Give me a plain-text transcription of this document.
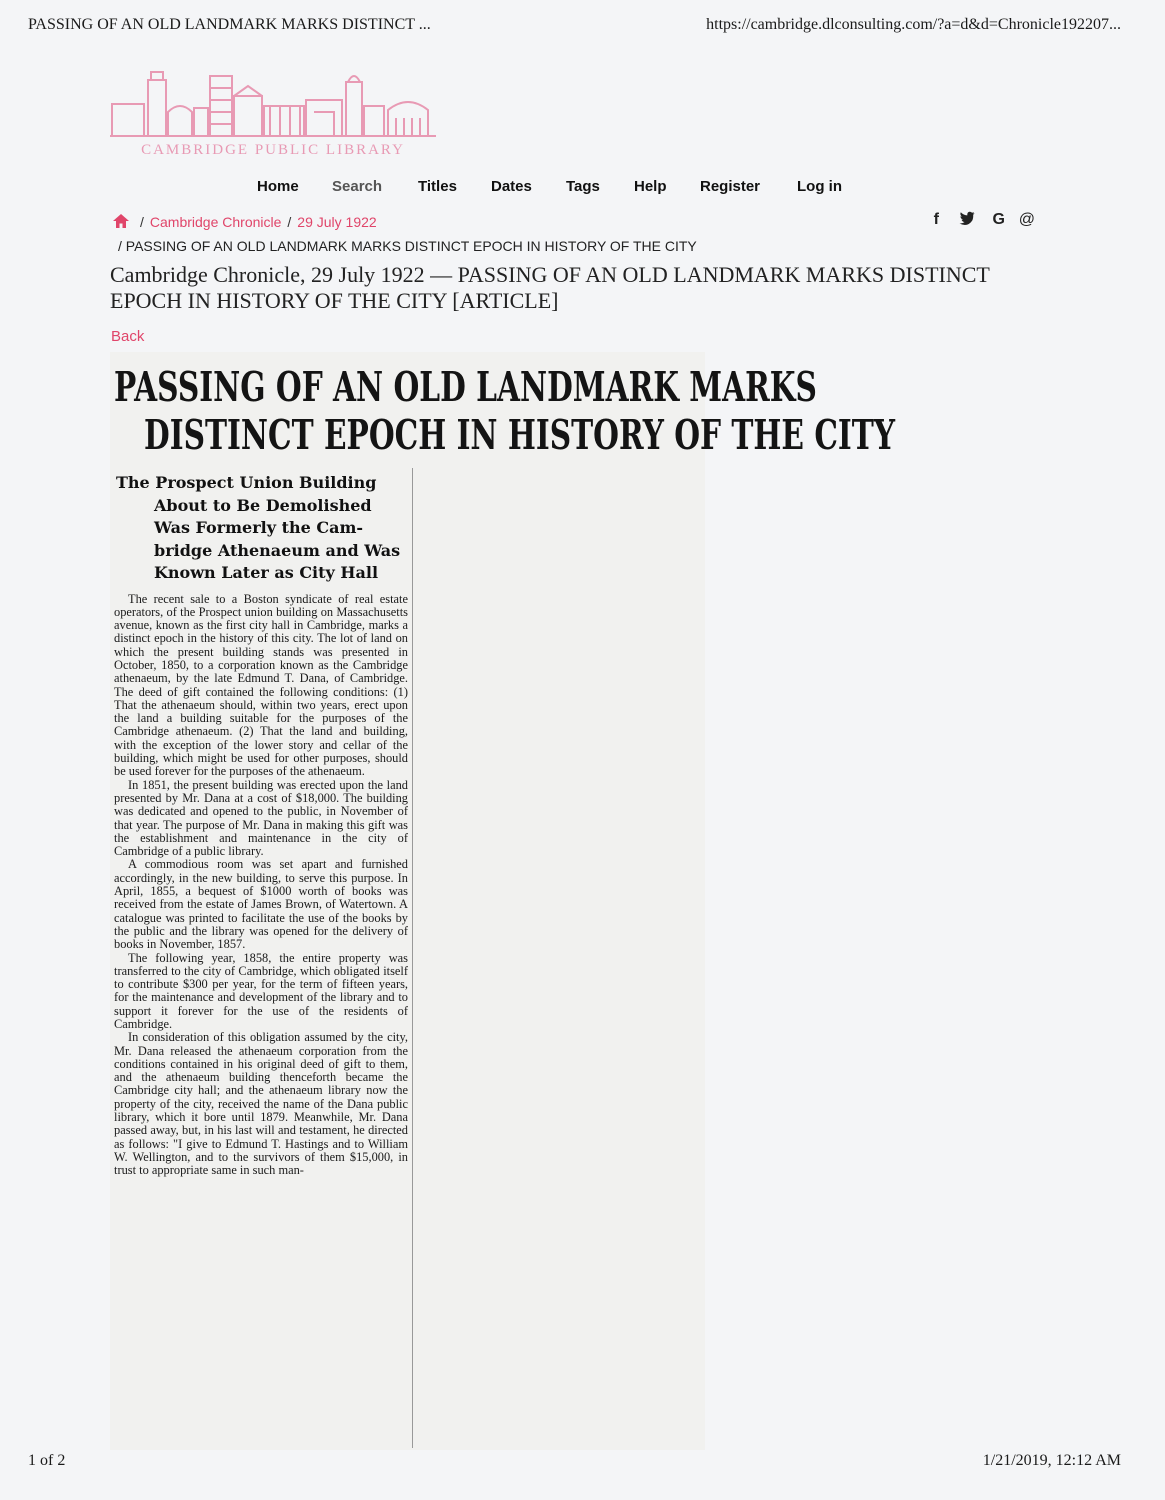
PASSING OF AN OLD LANDMARK MARKS DISTINCT ...	https://cambridge.dlconsulting.com/?a=d&d=Chronicle192207...
CAMBRIDGE PUBLIC LIBRARY
Home Search Titles Dates Tags Help Register Log in
/ Cambridge Chronicle / 29 July 1922
/ PASSING OF AN OLD LANDMARK MARKS DISTINCT EPOCH IN HISTORY OF THE CITY
f	G @
Cambridge Chronicle, 29 July 1922 — PASSING OF AN OLD LANDMARK MARKS DISTINCT EPOCH IN HISTORY OF THE CITY [ARTICLE]
Back
PASSING OF AN OLD LANDMARK MARKS
DISTINCT EPOCH IN HISTORY OF THE CITY
The Prospect Union Building
About to Be Demolished
Was Formerly the Cam-
bridge Athenaeum and Was
Known Later as City Hall

The recent sale to a Boston syndicate of real estate operators, of the Prospect union building on Massachusetts avenue, known as the first city hall in Cambridge, marks a distinct epoch in the history of this city. The lot of land on which the present building stands was presented in October, 1850, to a corporation known as the Cambridge athenaeum, by the late Edmund T. Dana, of Cambridge. The deed of gift contained the following conditions: (1) That the athenaeum should, within two years, erect upon the land a building suitable for the purposes of the Cambridge athenaeum. (2) That the land and building, with the exception of the lower story and cellar of the building, which might be used for other purposes, should be used forever for the purposes of the athenaeum.

In 1851, the present building was erected upon the land presented by Mr. Dana at a cost of $18,000. The building was dedicated and opened to the public, in November of that year. The purpose of Mr. Dana in making this gift was the establishment and maintenance in the city of Cambridge of a public library.

A commodious room was set apart and furnished accordingly, in the new building, to serve this purpose. In April, 1855, a bequest of $1000 worth of books was received from the estate of James Brown, of Watertown. A catalogue was printed to facilitate the use of the books by the public and the library was opened for the delivery of books in November, 1857.

The following year, 1858, the entire property was transferred to the city of Cambridge, which obligated itself to contribute $300 per year, for the term of fifteen years, for the maintenance and development of the library and to support it forever for the use of the residents of Cambridge.

In consideration of this obligation assumed by the city, Mr. Dana released the athenaeum corporation from the conditions contained in his original deed of gift to them, and the athenaeum building thenceforth became the Cambridge city hall; and the athenaeum library now the property of the city, received the name of the Dana public library, which it bore until 1879. Meanwhile, Mr. Dana passed away, but, in his last will and testament, he directed as follows: "I give to Edmund T. Hastings and to William W. Wellington, and to the survivors of them $15,000, in trust to appropriate same in such man-

1 of 2	1/21/2019, 12:12 AM
